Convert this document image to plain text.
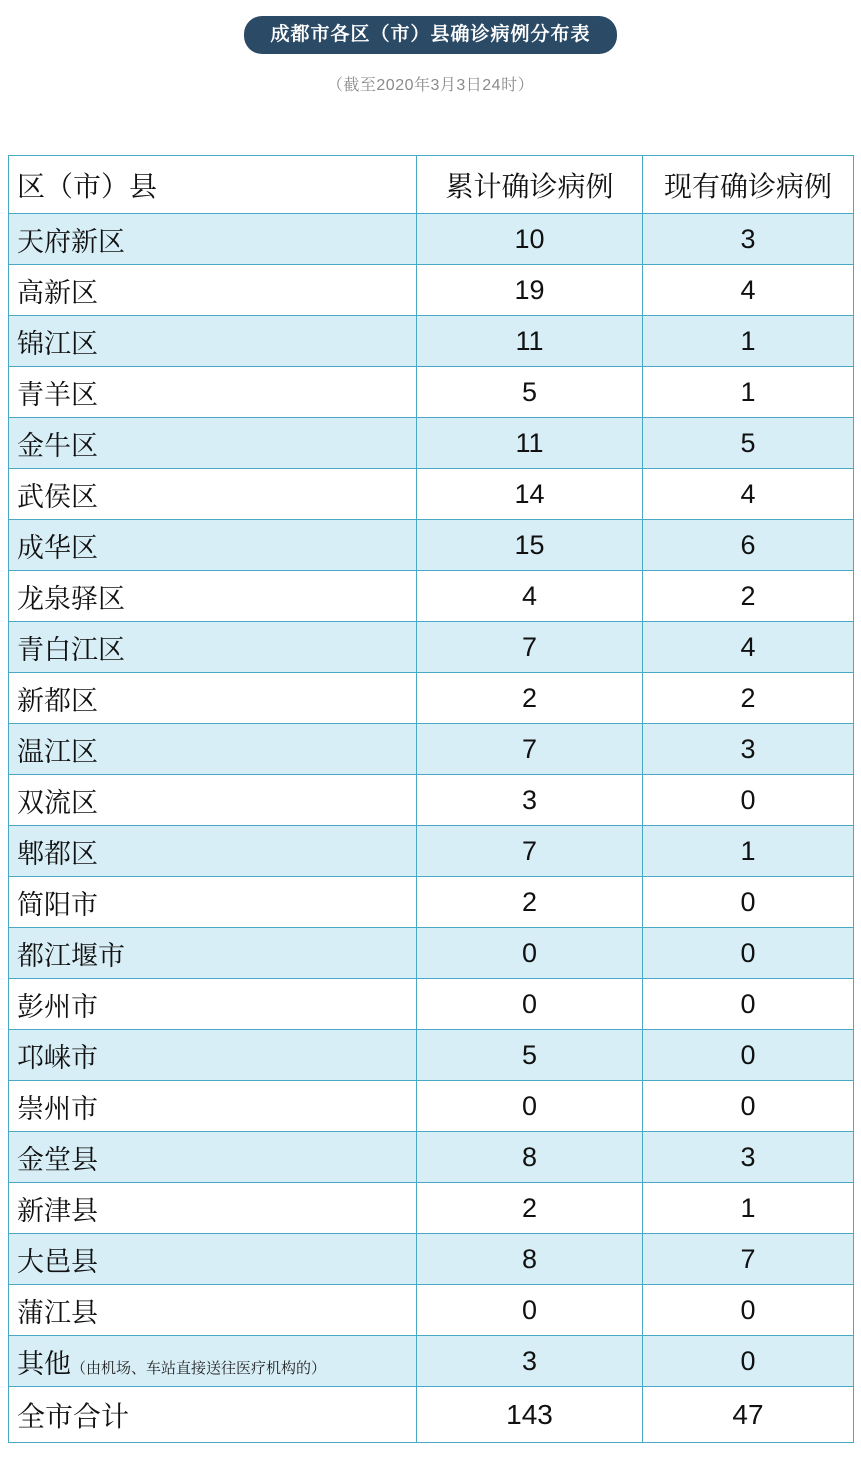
成都市各区（市）县确诊病例分布表
（截至2020年3月3日24时）
区（市）县	累计确诊病例	现有确诊病例
天府新区	10	3
高新区	19	4
锦江区	11	1
青羊区	5	1
金牛区	11	5
武侯区	14	4
成华区	15	6
龙泉驿区	4	2
青白江区	7	4
新都区	2	2
温江区	7	3
双流区	3	0
郫都区	7	1
简阳市	2	0
都江堰市	0	0
彭州市	0	0
邛崃市	5	0
崇州市	0	0
金堂县	8	3
新津县	2	1
大邑县	8	7
蒲江县	0	0
其他（由机场、车站直接送往医疗机构的）	3	0
全市合计	143	47
